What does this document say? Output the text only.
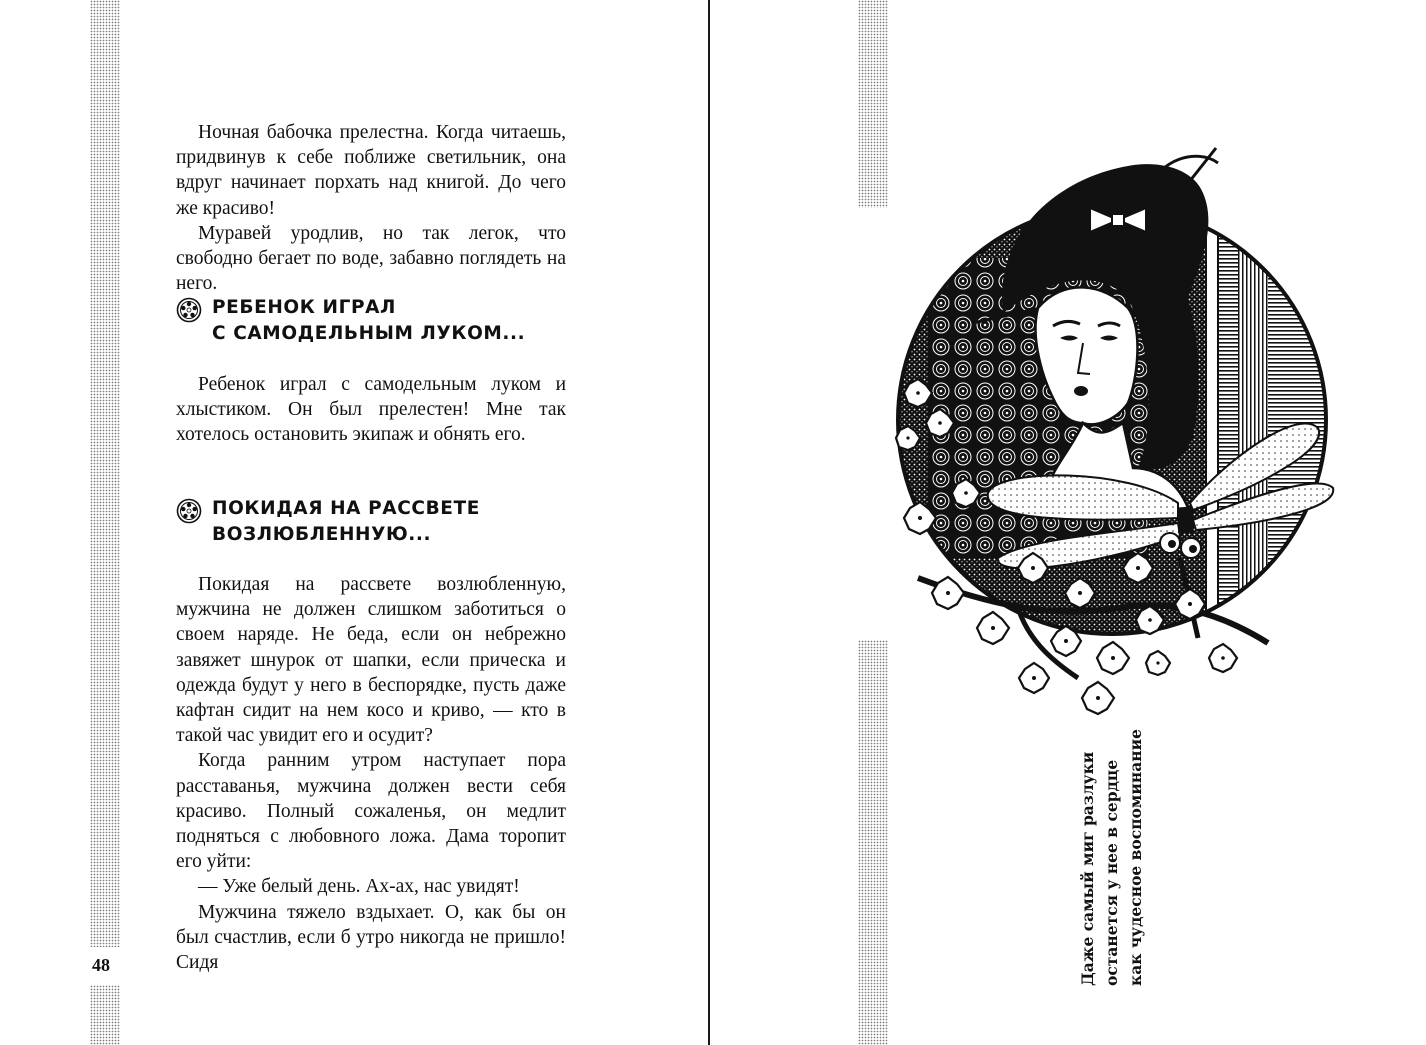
Ночная бабочка прелестна. Когда читаешь, придвинув к себе поближе светильник, она вдруг начинает порхать над книгой. До чего же красиво!

Муравей уродлив, но так легок, что свободно бегает по воде, забавно поглядеть на него.

РЕБЕНОК ИГРАЛ
С САМОДЕЛЬНЫМ ЛУКОМ...

Ребенок играл с самодельным луком и хлыстиком. Он был прелестен! Мне так хотелось остановить экипаж и обнять его.

ПОКИДАЯ НА РАССВЕТЕ
ВОЗЛЮБЛЕННУЮ...

Покидая на рассвете возлюбленную, мужчина не должен слишком заботиться о своем наряде. Не беда, если он небрежно завяжет шнурок от шапки, если прическа и одежда будут у него в беспорядке, пусть даже кафтан сидит на нем косо и криво, — кто в такой час увидит его и осудит?

Когда ранним утром наступает пора расставанья, мужчина должен вести себя красиво. Полный сожаленья, он медлит подняться с любовного ложа. Дама торопит его уйти:

— Уже белый день. Ах-ах, нас увидят!

Мужчина тяжело вздыхает. О, как бы он был счастлив, если б утро никогда не пришло! Сидя

48	Даже самый миг разлуки останется у нее в сердце как чудесное воспоминание
